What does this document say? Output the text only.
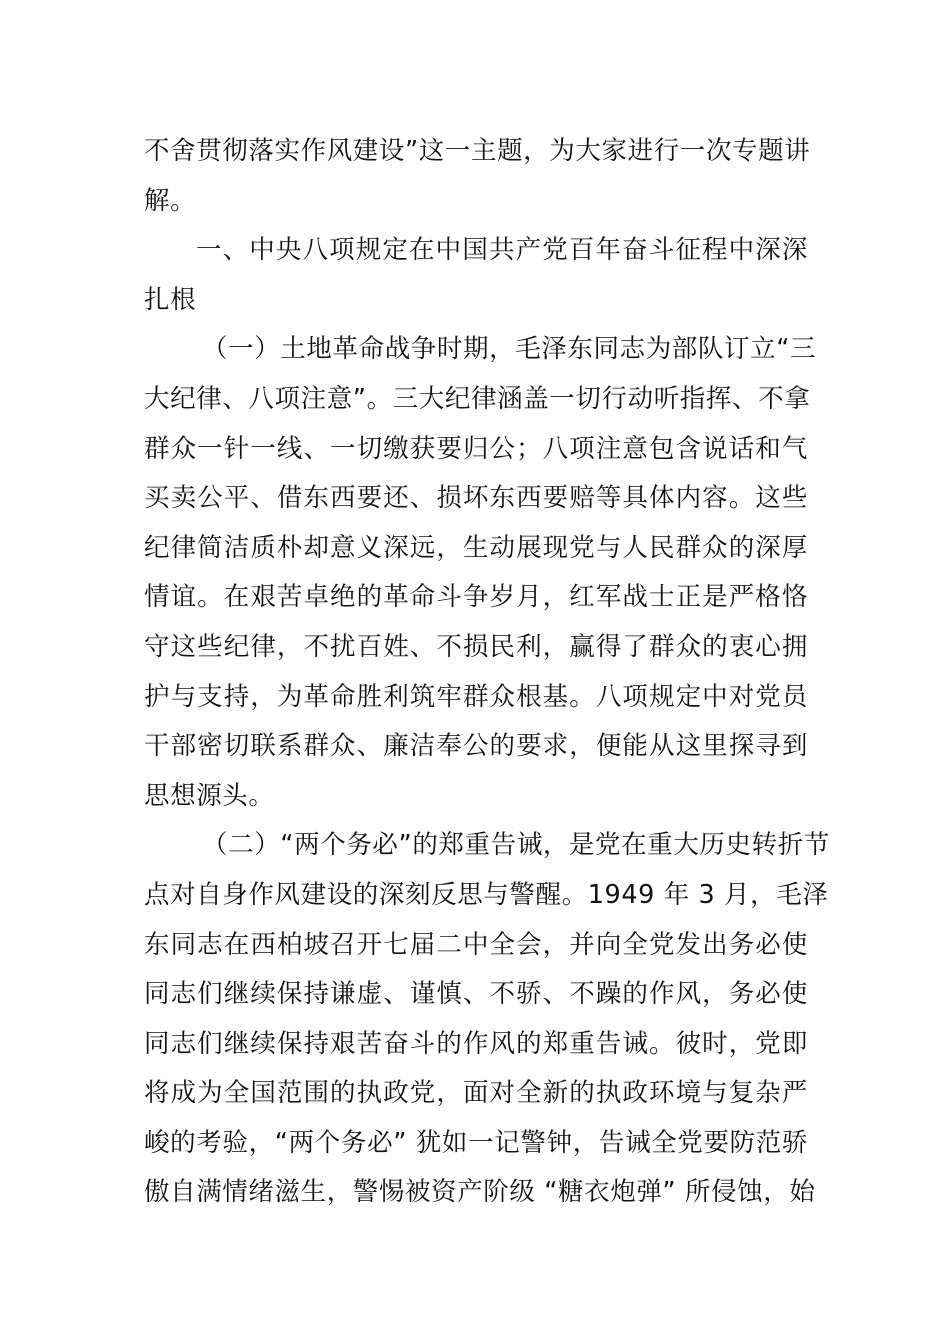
不舍贯彻落实作风建设”这一主题，为大家进行一次专题讲
解。
一、中央八项规定在中国共产党百年奋斗征程中深深
扎根
（一）土地革命战争时期，毛泽东同志为部队订立“三
大纪律、八项注意”。三大纪律涵盖一切行动听指挥、不拿
群众一针一线、一切缴获要归公；八项注意包含说话和气
买卖公平、借东西要还、损坏东西要赔等具体内容。这些
纪律简洁质朴却意义深远，生动展现党与人民群众的深厚
情谊。在艰苦卓绝的革命斗争岁月，红军战士正是严格恪
守这些纪律，不扰百姓、不损民利，赢得了群众的衷心拥
护与支持，为革命胜利筑牢群众根基。八项规定中对党员
干部密切联系群众、廉洁奉公的要求，便能从这里探寻到
思想源头。
（二）“两个务必”的郑重告诫，是党在重大历史转折节
点对自身作风建设的深刻反思与警醒。1949 年 3 月，毛泽
东同志在西柏坡召开七届二中全会，并向全党发出务必使
同志们继续保持谦虚、谨慎、不骄、不躁的作风，务必使
同志们继续保持艰苦奋斗的作风的郑重告诫。彼时，党即
将成为全国范围的执政党，面对全新的执政环境与复杂严
峻的考验，“两个务必” 犹如一记警钟，告诫全党要防范骄
傲自满情绪滋生，警惕被资产阶级 “糖衣炮弹” 所侵蚀，始
